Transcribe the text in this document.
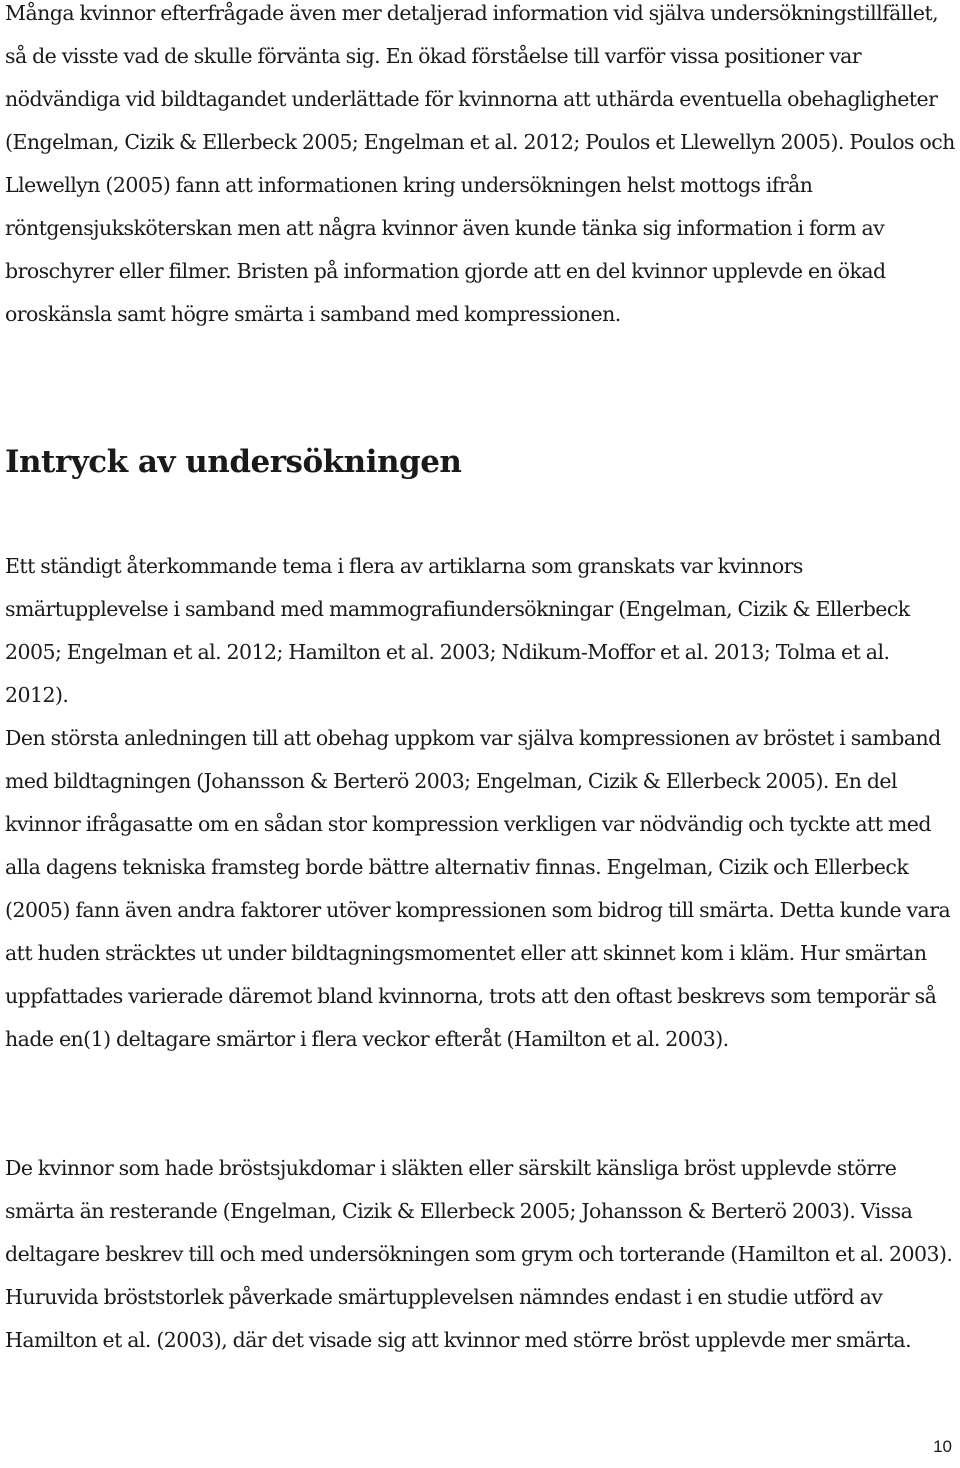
Många kvinnor efterfrågade även mer detaljerad information vid själva undersökningstillfället, så de visste vad de skulle förvänta sig. En ökad förståelse till varför vissa positioner var nödvändiga vid bildtagandet underlättade för kvinnorna att uthärda eventuella obehagligheter (Engelman, Cizik & Ellerbeck 2005; Engelman et al. 2012; Poulos et Llewellyn 2005). Poulos och Llewellyn (2005) fann att informationen kring undersökningen helst mottogs ifrån röntgensjuksköterskan men att några kvinnor även kunde tänka sig information i form av broschyrer eller filmer. Bristen på information gjorde att en del kvinnor upplevde en ökad oroskänsla samt högre smärta i samband med kompressionen.

Intryck av undersökningen

Ett ständigt återkommande tema i flera av artiklarna som granskats var kvinnors smärtupplevelse i samband med mammografiundersökningar (Engelman, Cizik & Ellerbeck 2005; Engelman et al. 2012; Hamilton et al. 2003; Ndikum-Moffor et al. 2013; Tolma et al. 2012).

Den största anledningen till att obehag uppkom var själva kompressionen av bröstet i samband med bildtagningen (Johansson & Berterö 2003; Engelman, Cizik & Ellerbeck 2005). En del kvinnor ifrågasatte om en sådan stor kompression verkligen var nödvändig och tyckte att med alla dagens tekniska framsteg borde bättre alternativ finnas. Engelman, Cizik och Ellerbeck (2005) fann även andra faktorer utöver kompressionen som bidrog till smärta. Detta kunde vara att huden sträcktes ut under bildtagningsmomentet eller att skinnet kom i kläm. Hur smärtan uppfattades varierade däremot bland kvinnorna, trots att den oftast beskrevs som temporär så hade en(1) deltagare smärtor i flera veckor efteråt (Hamilton et al. 2003).

De kvinnor som hade bröstsjukdomar i släkten eller särskilt känsliga bröst upplevde större smärta än resterande (Engelman, Cizik & Ellerbeck 2005; Johansson & Berterö 2003). Vissa deltagare beskrev till och med undersökningen som grym och torterande (Hamilton et al. 2003). Huruvida bröststorlek påverkade smärtupplevelsen nämndes endast i en studie utförd av Hamilton et al. (2003), där det visade sig att kvinnor med större bröst upplevde mer smärta.

10
